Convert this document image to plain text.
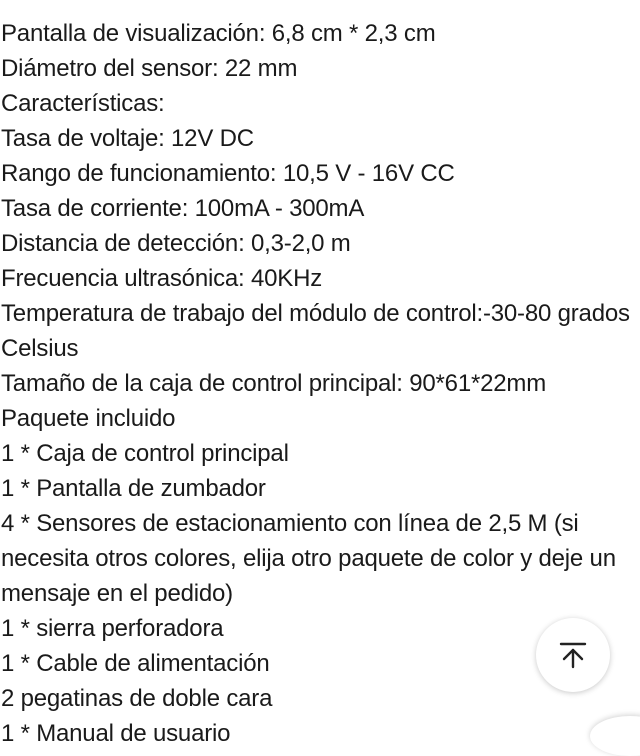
Pantalla de visualización: 6,8 cm * 2,3 cm
Diámetro del sensor: 22 mm
Características:
Tasa de voltaje: 12V DC
Rango de funcionamiento: 10,5 V - 16V CC
Tasa de corriente: 100mA - 300mA
Distancia de detección: 0,3-2,0 m
Frecuencia ultrasónica: 40KHz
Temperatura de trabajo del módulo de control:-30-80 grados Celsius
Tamaño de la caja de control principal: 90*61*22mm
Paquete incluido
1 * Caja de control principal
1 * Pantalla de zumbador
4 * Sensores de estacionamiento con línea de 2,5 M (si necesita otros colores, elija otro paquete de color y deje un mensaje en el pedido)
1 * sierra perforadora
1 * Cable de alimentación
2 pegatinas de doble cara
1 * Manual de usuario
